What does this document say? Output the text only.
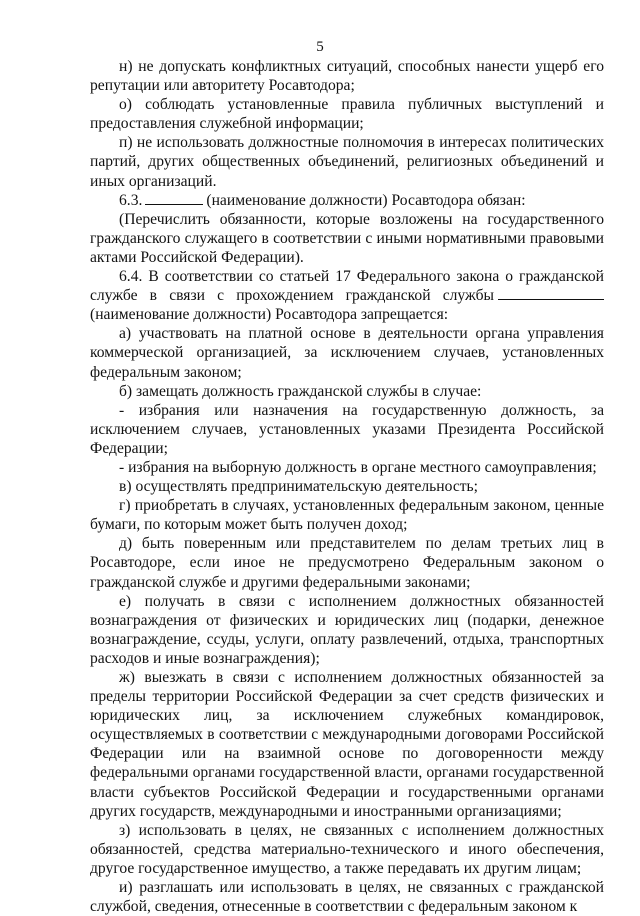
5

н) не допускать конфликтных ситуаций, способных нанести ущерб его репутации или авторитету Росавтодора;

о) соблюдать установленные правила публичных выступлений и предоставления служебной информации;

п) не использовать должностные полномочия в интересах политических партий, других общественных объединений, религиозных объединений и иных организаций.

6.3.	(наименование должности) Росавтодора обязан:

(Перечислить обязанности, которые возложены на государственного гражданского служащего в соответствии с иными нормативными правовыми актами Российской Федерации).

6.4. В соответствии со статьей 17 Федерального закона о гражданской службе в связи с прохождением гражданской службы (наименование должности) Росавтодора запрещается:

а) участвовать на платной основе в деятельности органа управления коммерческой организацией, за исключением случаев, установленных федеральным законом;

б) замещать должность гражданской службы в случае:

- избрания или назначения на государственную должность, за исключением случаев, установленных указами Президента Российской Федерации;

- избрания на выборную должность в органе местного самоуправления;

в) осуществлять предпринимательскую деятельность;

г) приобретать в случаях, установленных федеральным законом, ценные бумаги, по которым может быть получен доход;

д) быть поверенным или представителем по делам третьих лиц в Росавтодоре, если иное не предусмотрено Федеральным законом о гражданской службе и другими федеральными законами;

е) получать в связи с исполнением должностных обязанностей вознаграждения от физических и юридических лиц (подарки, денежное вознаграждение, ссуды, услуги, оплату развлечений, отдыха, транспортных расходов и иные вознаграждения);

ж) выезжать в связи с исполнением должностных обязанностей за пределы территории Российской Федерации за счет средств физических и юридических лиц, за исключением служебных командировок, осуществляемых в соответствии с международными договорами Российской Федерации или на взаимной основе по договоренности между федеральными органами государственной власти, органами государственной власти субъектов Российской Федерации и государственными органами других государств, международными и иностранными организациями;

з) использовать в целях, не связанных с исполнением должностных обязанностей, средства материально-технического и иного обеспечения, другое государственное имущество, а также передавать их другим лицам;

и) разглашать или использовать в целях, не связанных с гражданской службой, сведения, отнесенные в соответствии с федеральным законом к
